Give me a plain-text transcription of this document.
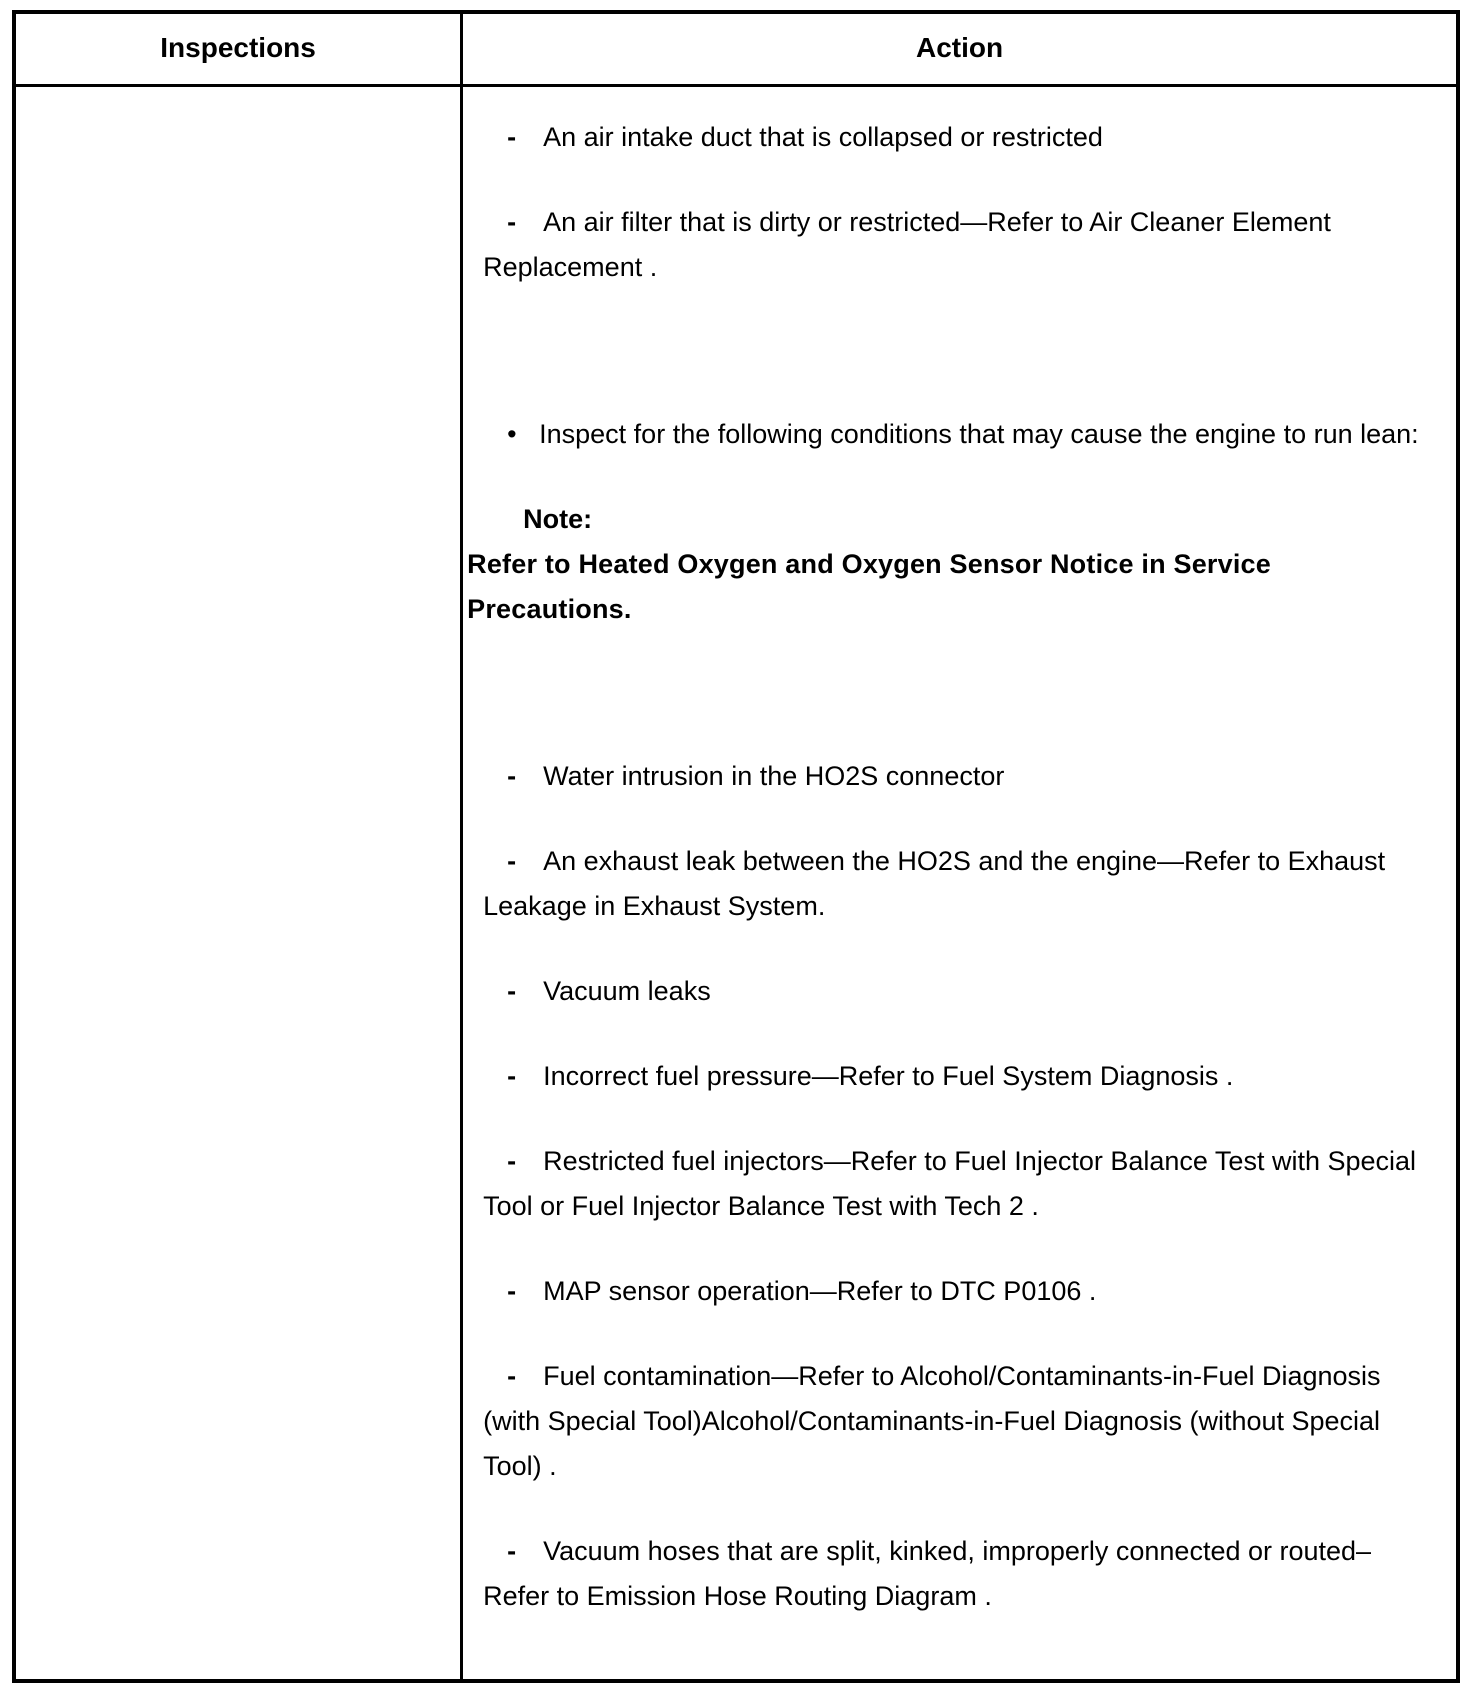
Inspections	Action

- An air intake duct that is collapsed or restricted
- An air filter that is dirty or restricted—Refer to Air Cleaner Element Replacement .
• Inspect for the following conditions that may cause the engine to run lean:
Note:
Refer to Heated Oxygen and Oxygen Sensor Notice in Service Precautions.
- Water intrusion in the HO2S connector
- An exhaust leak between the HO2S and the engine—Refer to Exhaust Leakage in Exhaust System.
- Vacuum leaks
- Incorrect fuel pressure—Refer to Fuel System Diagnosis .
- Restricted fuel injectors—Refer to Fuel Injector Balance Test with Special Tool or Fuel Injector Balance Test with Tech 2 .
- MAP sensor operation—Refer to DTC P0106 .
- Fuel contamination—Refer to Alcohol/Contaminants-in-Fuel Diagnosis (with Special Tool)Alcohol/Contaminants-in-Fuel Diagnosis (without Special Tool) .
- Vacuum hoses that are split, kinked, improperly connected or routed–Refer to Emission Hose Routing Diagram .
